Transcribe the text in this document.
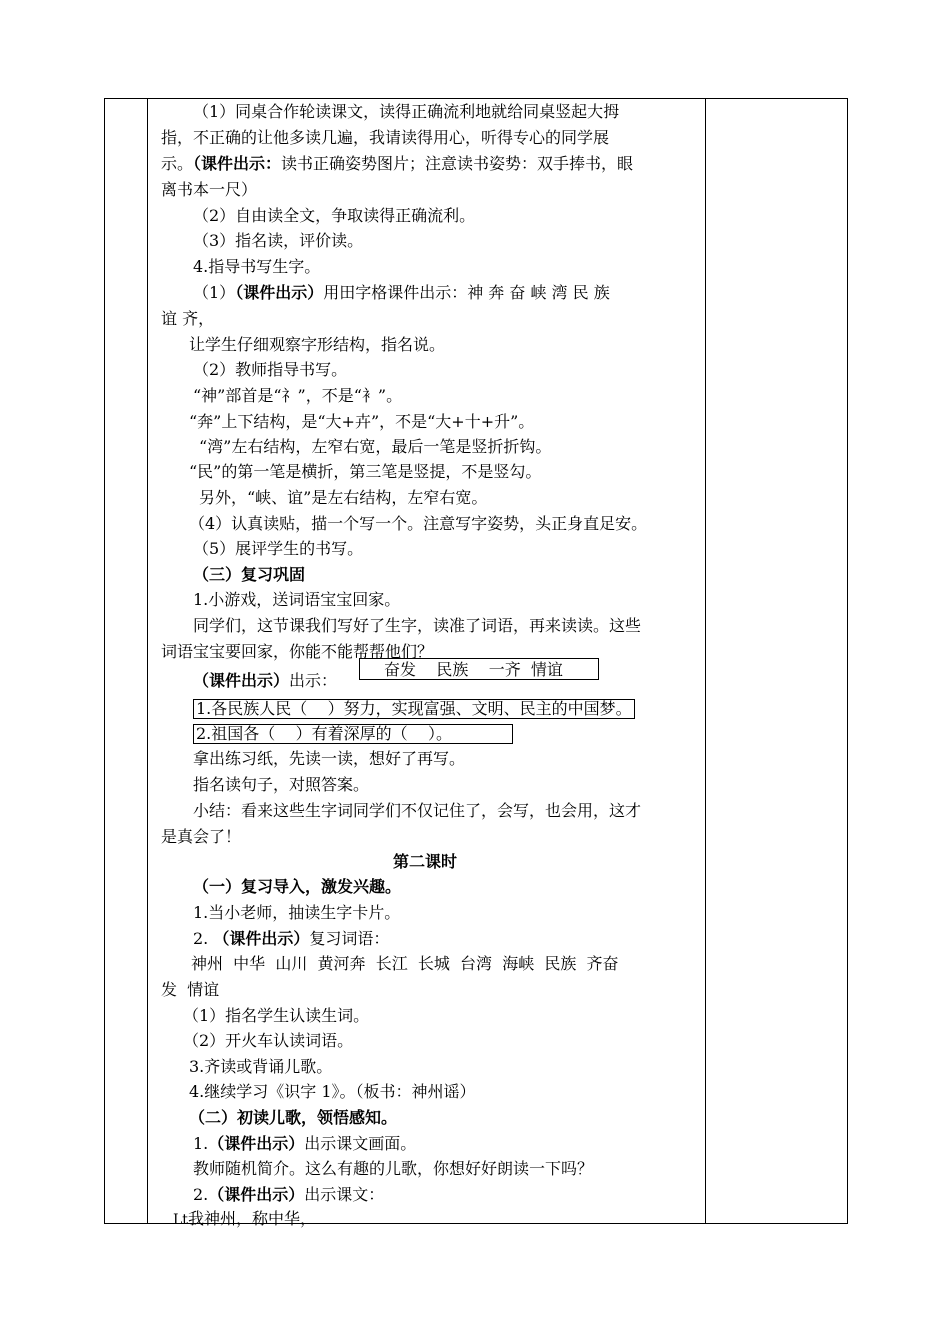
（1）同桌合作轮读课文，读得正确流利地就给同桌竖起大拇
指，不正确的让他多读几遍，我请读得用心，听得专心的同学展
示。（课件出示：读书正确姿势图片；注意读书姿势：双手捧书，眼
离书本一尺）
（2）自由读全文，争取读得正确流利。
（3）指名读，评价读。
4.指导书写生字。
（1）（课件出示）用田字格课件出示：神 奔 奋 峡 湾 民 族
谊 齐，
让学生仔细观察字形结构，指名说。
（2）教师指导书写。
“神”部首是“礻”，不是“衤”。
“奔”上下结构，是“大+卉”，不是“大+十+升”。
“湾”左右结构，左窄右宽，最后一笔是竖折折钩。
“民”的第一笔是横折，第三笔是竖提，不是竖勾。
另外，“峡、谊”是左右结构，左窄右宽。
（4）认真读贴，描一个写一个。注意写字姿势，头正身直足安。
（5）展评学生的书写。
（三）复习巩固
1.小游戏，送词语宝宝回家。
同学们，这节课我们写好了生字，读准了词语，再来读读。这些
词语宝宝要回家，你能不能帮帮他们？
（课件出示）出示：
奋发    民族    一齐  情谊
1.各民族人民（    ）努力，实现富强、文明、民主的中国梦。
2.祖国各（    ）有着深厚的（    ）。
拿出练习纸，先读一读，想好了再写。
指名读句子，对照答案。
小结：看来这些生字词同学们不仅记住了，会写，也会用，这才
是真会了！
第二课时
（一）复习导入，激发兴趣。
1.当小老师，抽读生字卡片。
2. （课件出示）复习词语：
神州  中华  山川  黄河奔  长江  长城  台湾  海峡  民族  齐奋
发  情谊
（1）指名学生认读生词。
（2）开火车认读词语。
3.齐读或背诵儿歌。
4.继续学习《识字 1》。（板书：神州谣）
（二）初读儿歌，领悟感知。
1.（课件出示）出示课文画面。
教师随机简介。这么有趣的儿歌，你想好好朗读一下吗？
2.（课件出示）出示课文：
Lt我神州，称中华，
